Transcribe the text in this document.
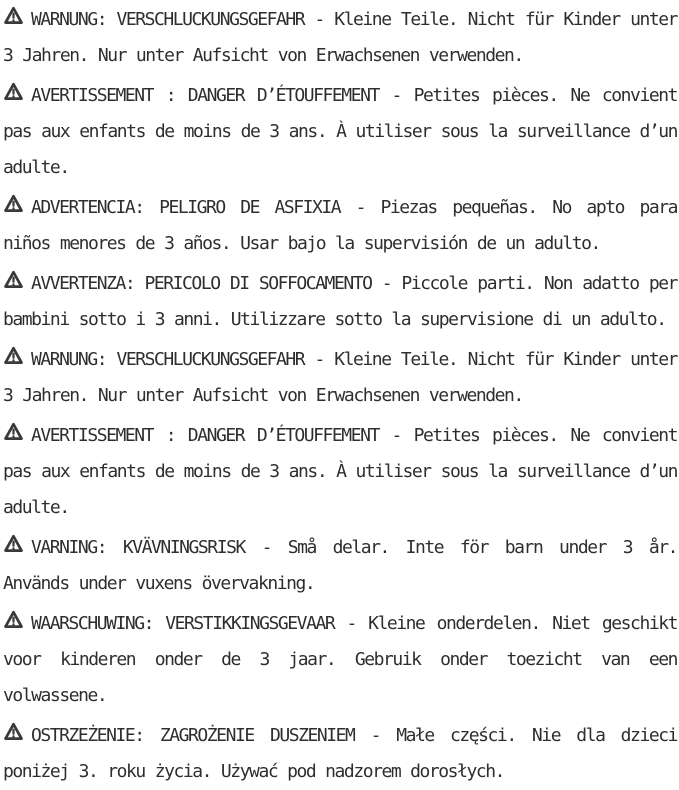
WARNUNG: VERSCHLUCKUNGSGEFAHR - Kleine Teile. Nicht für Kinder unter 3 Jahren. Nur unter Aufsicht von Erwachsenen verwenden.

AVERTISSEMENT : DANGER D’ÉTOUFFEMENT - Petites pièces. Ne convient pas aux enfants de moins de 3 ans. À utiliser sous la surveillance d’un adulte.

ADVERTENCIA: PELIGRO DE ASFIXIA - Piezas pequeñas. No apto para niños menores de 3 años. Usar bajo la supervisión de un adulto.

AVVERTENZA: PERICOLO DI SOFFOCAMENTO - Piccole parti. Non adatto per bambini sotto i 3 anni. Utilizzare sotto la supervisione di un adulto.

WARNUNG: VERSCHLUCKUNGSGEFAHR - Kleine Teile. Nicht für Kinder unter 3 Jahren. Nur unter Aufsicht von Erwachsenen verwenden.

AVERTISSEMENT : DANGER D’ÉTOUFFEMENT - Petites pièces. Ne convient pas aux enfants de moins de 3 ans. À utiliser sous la surveillance d’un adulte.

VARNING: KVÄVNINGSRISK - Små delar. Inte för barn under 3 år. Används under vuxens övervakning.

WAARSCHUWING: VERSTIKKINGSGEVAAR - Kleine onderdelen. Niet geschikt voor kinderen onder de 3 jaar. Gebruik onder toezicht van een volwassene.

OSTRZEŻENIE: ZAGROŻENIE DUSZENIEM - Małe części. Nie dla dzieci poniżej 3. roku życia. Używać pod nadzorem dorosłych.
